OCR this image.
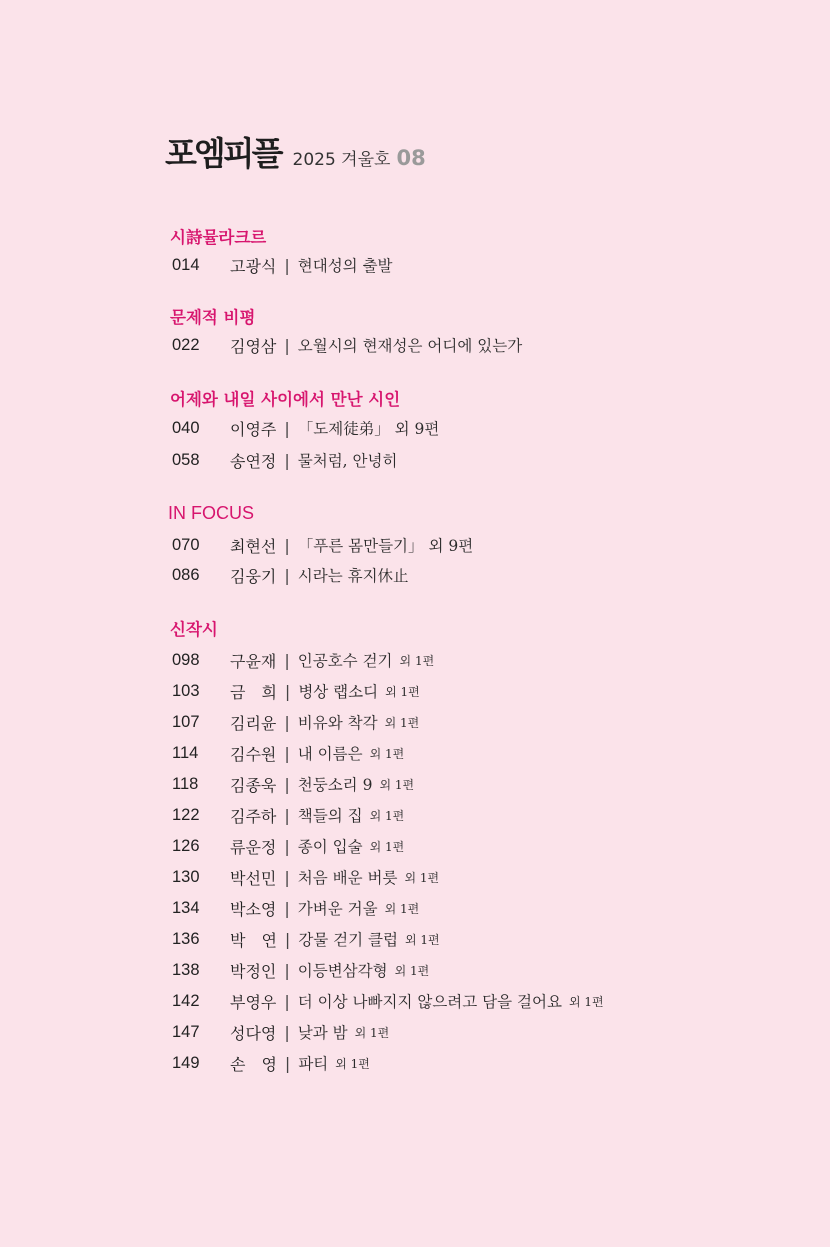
포엠피플 2025 겨울호 08
시詩뮬라크르
014	고광식 | 현대성의 출발
문제적 비평
022	김영삼 | 오월시의 현재성은 어디에 있는가
어제와 내일 사이에서 만난 시인
040	이영주 | 「도제徒弟」 외 9편
058	송연정 | 물처럼, 안녕히
IN FOCUS
070	최현선 | 「푸른 몸만들기」 외 9편
086	김웅기 | 시라는 휴지休止
신작시
098	구윤재 | 인공호수 걷기 외 1편
103	금　희 | 병상 랩소디 외 1편
107	김리윤 | 비유와 착각 외 1편
114	김수원 | 내 이름은 외 1편
118	김종욱 | 천둥소리 9 외 1편
122	김주하 | 책들의 집 외 1편
126	류운정 | 종이 입술 외 1편
130	박선민 | 처음 배운 버릇 외 1편
134	박소영 | 가벼운 거울 외 1편
136	박　연 | 강물 걷기 클럽 외 1편
138	박정인 | 이등변삼각형 외 1편
142	부영우 | 더 이상 나빠지지 않으려고 담을 걸어요 외 1편
147	성다영 | 낮과 밤 외 1편
149	손　영 | 파티 외 1편
